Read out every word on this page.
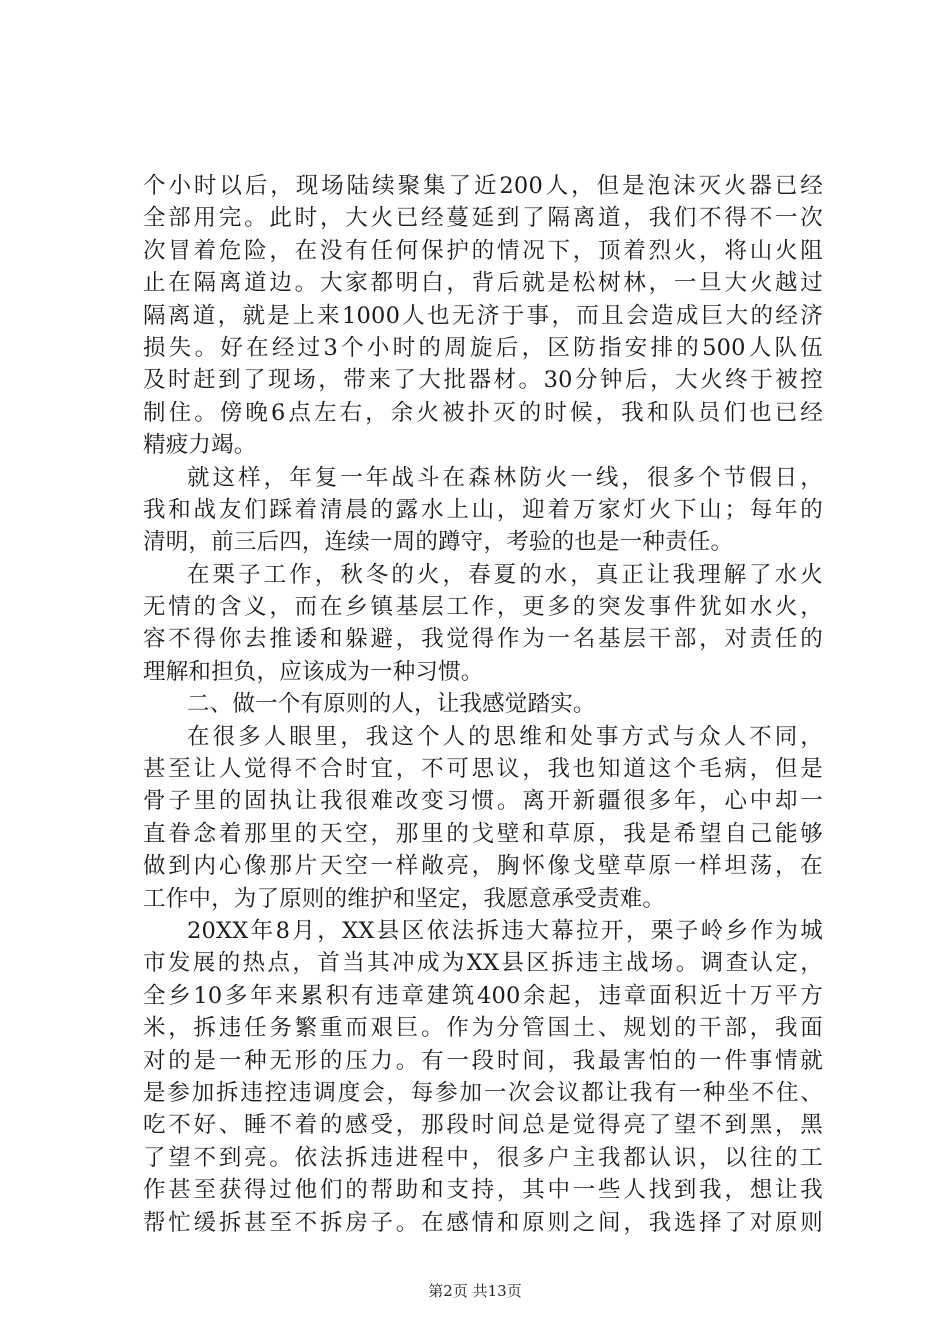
个小时以后，现场陆续聚集了近200人，但是泡沫灭火器已经
全部用完。此时，大火已经蔓延到了隔离道，我们不得不一次
次冒着危险，在没有任何保护的情况下，顶着烈火，将山火阻
止在隔离道边。大家都明白，背后就是松树林，一旦大火越过
隔离道，就是上来1000人也无济于事，而且会造成巨大的经济
损失。好在经过3个小时的周旋后，区防指安排的500人队伍
及时赶到了现场，带来了大批器材。30分钟后，大火终于被控
制住。傍晚6点左右，余火被扑灭的时候，我和队员们也已经
精疲力竭。
就这样，年复一年战斗在森林防火一线，很多个节假日，
我和战友们踩着清晨的露水上山，迎着万家灯火下山；每年的
清明，前三后四，连续一周的蹲守，考验的也是一种责任。
在栗子工作，秋冬的火，春夏的水，真正让我理解了水火
无情的含义，而在乡镇基层工作，更多的突发事件犹如水火，
容不得你去推诿和躲避，我觉得作为一名基层干部，对责任的
理解和担负，应该成为一种习惯。
二、做一个有原则的人，让我感觉踏实。
在很多人眼里，我这个人的思维和处事方式与众人不同，
甚至让人觉得不合时宜，不可思议，我也知道这个毛病，但是
骨子里的固执让我很难改变习惯。离开新疆很多年，心中却一
直眷念着那里的天空，那里的戈壁和草原，我是希望自己能够
做到内心像那片天空一样敞亮，胸怀像戈壁草原一样坦荡，在
工作中，为了原则的维护和坚定，我愿意承受责难。
20XX年8月，XX县区依法拆违大幕拉开，栗子岭乡作为城
市发展的热点，首当其冲成为XX县区拆违主战场。调查认定，
全乡10多年来累积有违章建筑400余起，违章面积近十万平方
米，拆违任务繁重而艰巨。作为分管国土、规划的干部，我面
对的是一种无形的压力。有一段时间，我最害怕的一件事情就
是参加拆违控违调度会，每参加一次会议都让我有一种坐不住、
吃不好、睡不着的感受，那段时间总是觉得亮了望不到黑，黑
了望不到亮。依法拆违进程中，很多户主我都认识，以往的工
作甚至获得过他们的帮助和支持，其中一些人找到我，想让我
帮忙缓拆甚至不拆房子。在感情和原则之间，我选择了对原则
第2页 共13页
